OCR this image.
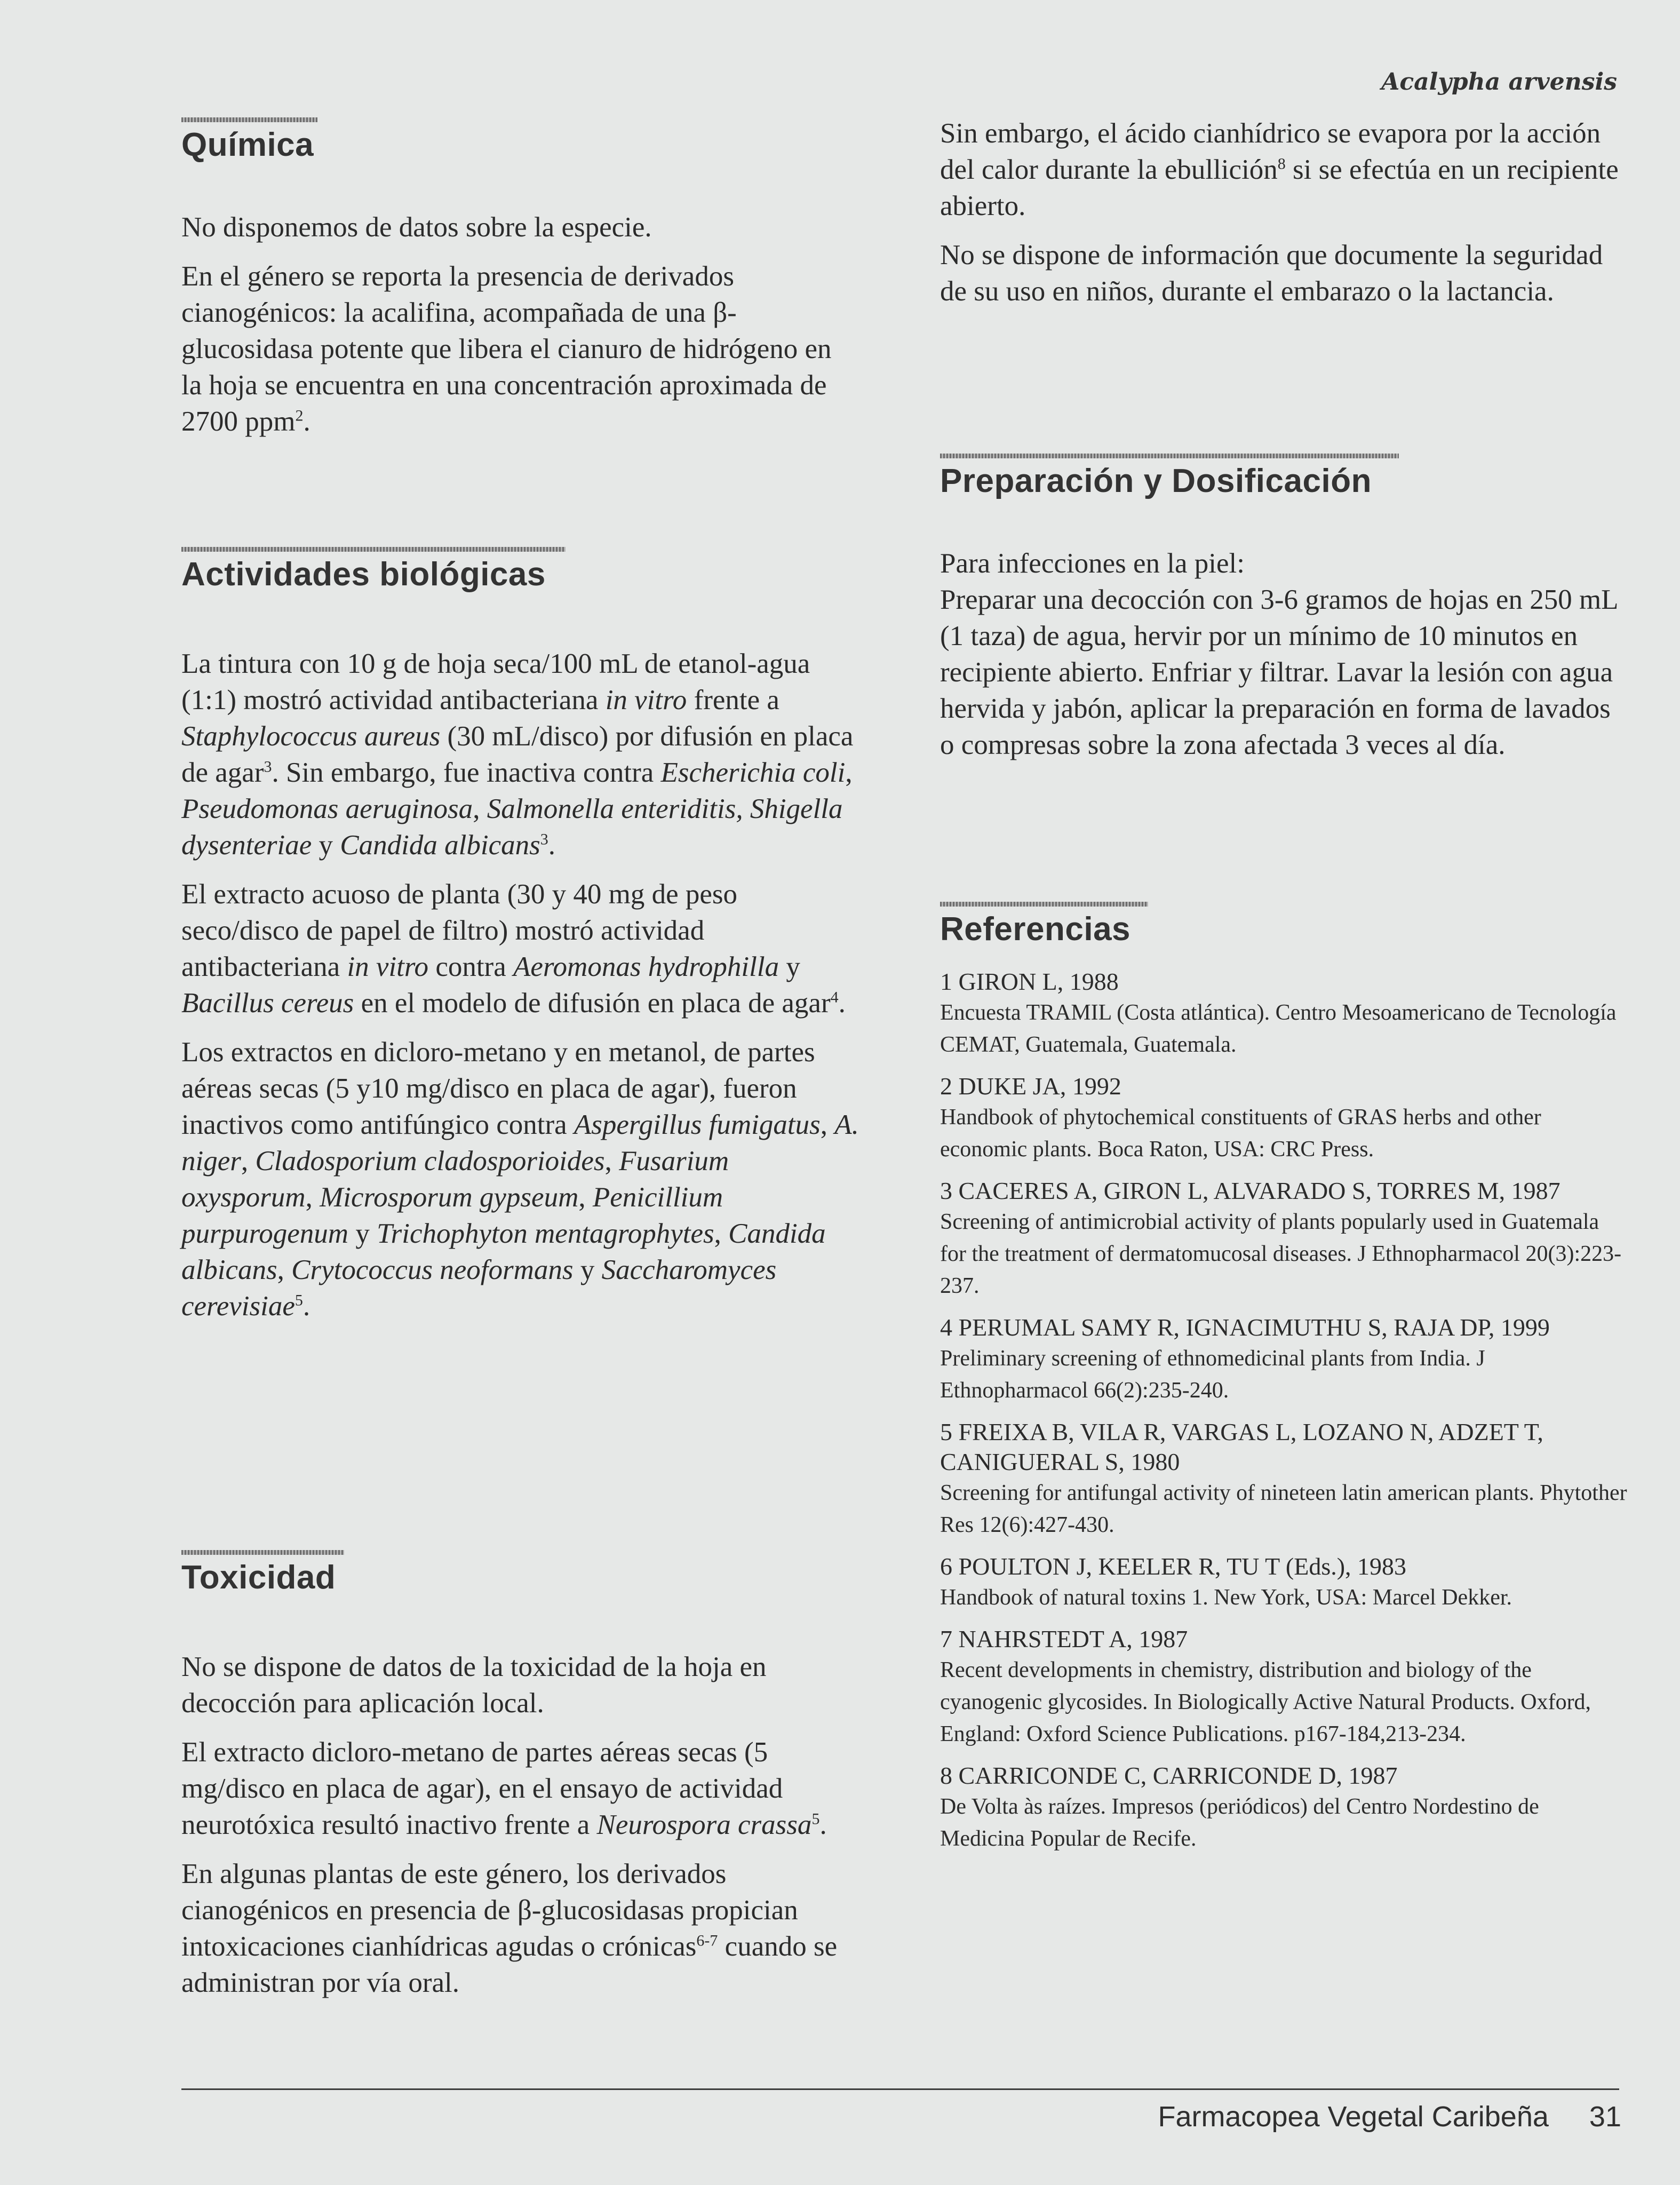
Acalypha arvensis
Química

No disponemos de datos sobre la especie.

En el género se reporta la presencia de derivados cianogénicos: la acalifina, acompañada de una β-glucosidasa potente que libera el cianuro de hidrógeno en la hoja se encuentra en una concentración aproximada de 2700 ppm$^2$.

Actividades biológicas

La tintura con 10 g de hoja seca/100 mL de etanol-agua (1:1) mostró actividad antibacteriana in vitro frente a Staphylococcus aureus (30 mL/disco) por difusión en placa de agar$^3$. Sin embargo, fue inactiva contra Escherichia coli, Pseudomonas aeruginosa, Salmonella enteriditis, Shigella dysenteriae y Candida albicans$^3$.

El extracto acuoso de planta (30 y 40 mg de peso seco/disco de papel de filtro) mostró actividad antibacteriana in vitro contra Aeromonas hydrophilla y Bacillus cereus en el modelo de difusión en placa de agar$^4$.

Los extractos en dicloro-metano y en metanol, de partes aéreas secas (5 y10 mg/disco en placa de agar), fueron inactivos como antifúngico contra Aspergillus fumigatus, A. niger, Cladosporium cladosporioides, Fusarium oxysporum, Microsporum gypseum, Penicillium purpurogenum y Trichophyton mentagrophytes, Candida albicans, Crytococcus neoformans y Saccharomyces cerevisiae$^5$.

Toxicidad

No se dispone de datos de la toxicidad de la hoja en decocción para aplicación local.

El extracto dicloro-metano de partes aéreas secas (5 mg/disco en placa de agar), en el ensayo de actividad neurotóxica resultó inactivo frente a Neurospora crassa$^5$.

En algunas plantas de este género, los derivados cianogénicos en presencia de β-glucosidasas propician intoxicaciones cianhídricas agudas o crónicas$^{6-7}$ cuando se administran por vía oral.

Sin embargo, el ácido cianhídrico se evapora por la acción del calor durante la ebullición$^8$ si se efectúa en un recipiente abierto.

No se dispone de información que documente la seguridad de su uso en niños, durante el embarazo o la lactancia.

Preparación y Dosificación

Para infecciones en la piel:
Preparar una decocción con 3-6 gramos de hojas en 250 mL (1 taza) de agua, hervir por un mínimo de 10 minutos en recipiente abierto. Enfriar y filtrar. Lavar la lesión con agua hervida y jabón, aplicar la preparación en forma de lavados o compresas sobre la zona afectada 3 veces al día.

Referencias
1 GIRON L, 1988
Encuesta TRAMIL (Costa atlántica). Centro Mesoamericano de Tecnología CEMAT, Guatemala, Guatemala.
2 DUKE JA, 1992
Handbook of phytochemical constituents of GRAS herbs and other economic plants. Boca Raton, USA: CRC Press.
3 CACERES A, GIRON L, ALVARADO S, TORRES M, 1987
Screening of antimicrobial activity of plants popularly used in Guatemala for the treatment of dermatomucosal diseases. J Ethnopharmacol 20(3):223-237.
4 PERUMAL SAMY R, IGNACIMUTHU S, RAJA DP, 1999
Preliminary screening of ethnomedicinal plants from India. J Ethnopharmacol 66(2):235-240.
5 FREIXA B, VILA R, VARGAS L, LOZANO N, ADZET T, CANIGUERAL S, 1980
Screening for antifungal activity of nineteen latin american plants. Phytother Res 12(6):427-430.
6 POULTON J, KEELER R, TU T (Eds.), 1983
Handbook of natural toxins 1. New York, USA: Marcel Dekker.
7 NAHRSTEDT A, 1987
Recent developments in chemistry, distribution and biology of the cyanogenic glycosides. In Biologically Active Natural Products. Oxford, England: Oxford Science Publications. p167-184,213-234.
8 CARRICONDE C, CARRICONDE D, 1987
De Volta às raízes. Impresos (periódicos) del Centro Nordestino de Medicina Popular de Recife.
Farmacopea Vegetal Caribeña 31
